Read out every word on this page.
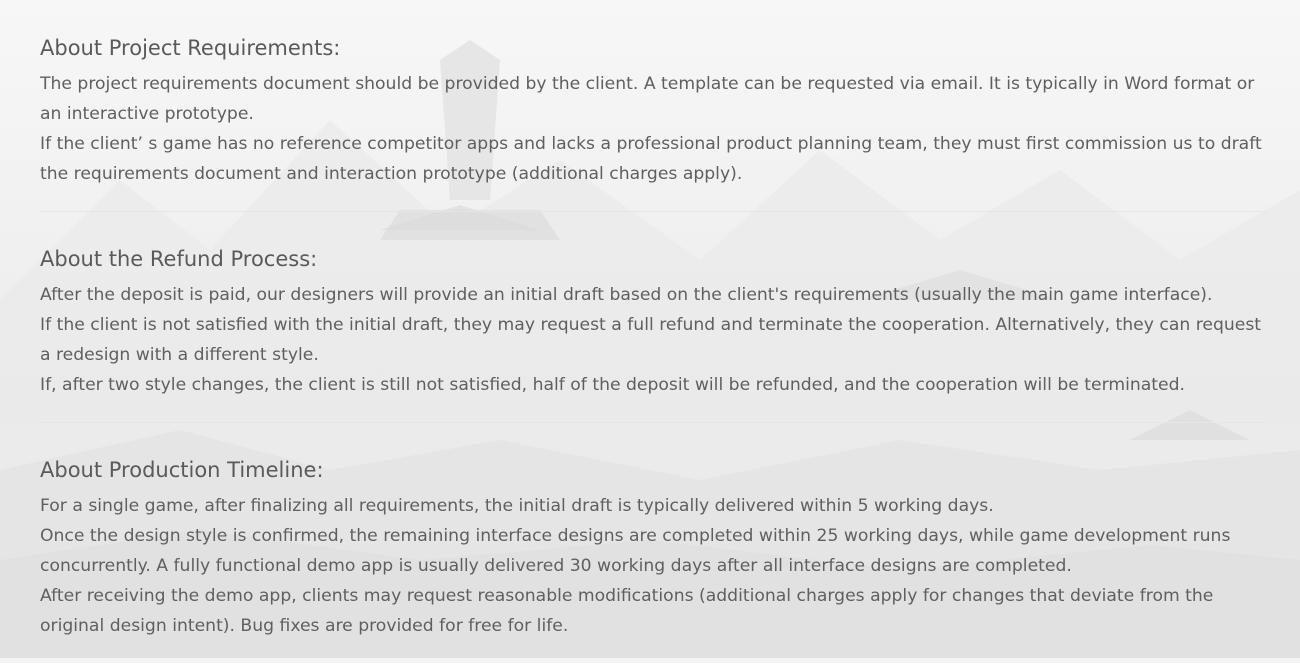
About Project Requirements:

The project requirements document should be provided by the client. A template can be requested via email. It is typically in Word format or an interactive prototype.

If the client’ s game has no reference competitor apps and lacks a professional product planning team, they must first commission us to draft the requirements document and interaction prototype (additional charges apply).

About the Refund Process:

After the deposit is paid, our designers will provide an initial draft based on the client's requirements (usually the main game interface).

If the client is not satisfied with the initial draft, they may request a full refund and terminate the cooperation. Alternatively, they can request a redesign with a different style.

If, after two style changes, the client is still not satisfied, half of the deposit will be refunded, and the cooperation will be terminated.

About Production Timeline:

For a single game, after finalizing all requirements, the initial draft is typically delivered within 5 working days.

Once the design style is confirmed, the remaining interface designs are completed within 25 working days, while game development runs concurrently. A fully functional demo app is usually delivered 30 working days after all interface designs are completed.

After receiving the demo app, clients may request reasonable modifications (additional charges apply for changes that deviate from the original design intent). Bug fixes are provided for free for life.
